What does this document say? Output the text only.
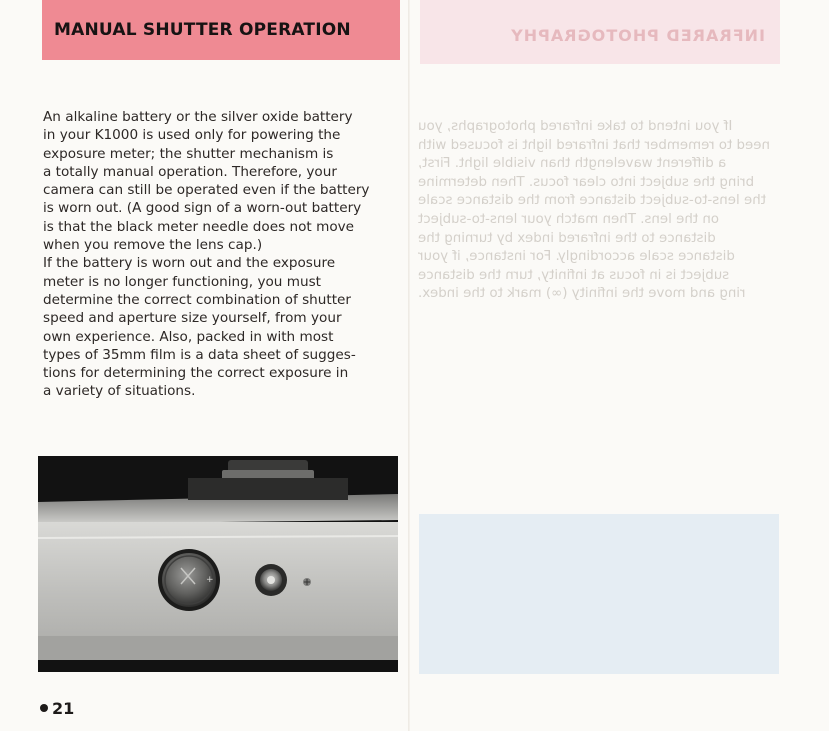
MANUAL SHUTTER OPERATION
An alkaline battery or the silver oxide battery
in your K1000 is used only for powering the
exposure meter; the shutter mechanism is
a totally manual operation. Therefore, your
camera can still be operated even if the battery
is worn out. (A good sign of a worn-out battery
is that the black meter needle does not move
when you remove the lens cap.)
If the battery is worn out and the exposure
meter is no longer functioning, you must
determine the correct combination of shutter
speed and aperture size yourself, from your
own experience. Also, packed in with most
types of 35mm film is a data sheet of sugges-
tions for determining the correct exposure in
a variety of situations.
+
21
INFRARED PHOTOGRAPHY
If you intend to take infrared photographs, you
need to remember that infrared light is focused with
a different wavelength than visible light. First,
bring the subject into clear focus. Then determine
the lens-to-subject distance from the distance scale
on the lens. Then match your lens-to-subject
distance to the infrared index by turning the
distance scale accordingly. For instance, if your
subject is in focus at infinity, turn the distance
ring and move the infinity (∞) mark to the index.
